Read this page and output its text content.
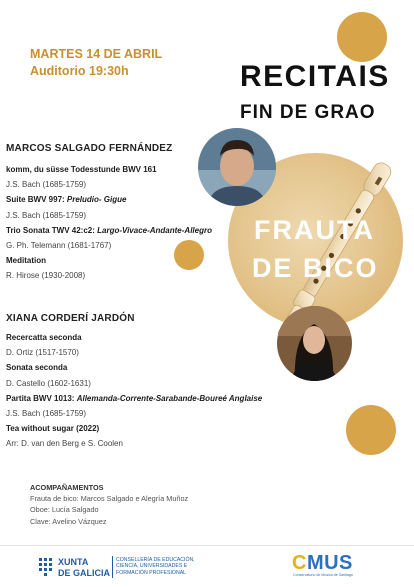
MARTES 14 DE ABRIL
Auditorio 19:30h	RECITAIS
FIN DE GRAO
FRAUTA
DE BICO
MARCOS SALGADO FERNÁNDEZ
komm, du süsse Todesstunde BWV 161
J.S. Bach (1685-1759)
Suite BWV 997: Preludio- Gigue
J.S. Bach (1685-1759)
Trio Sonata TWV 42:c2: Largo-Vivace-Andante-Allegro
G. Ph. Telemann (1681-1767)
Meditation
R. Hirose (1930-2008)
XIANA CORDERÍ JARDÓN
Recercatta seconda
D. Ortiz (1517-1570)
Sonata seconda
D. Castello (1602-1631)
Partita BWV 1013: Allemanda-Corrente-Sarabande-Boureé Anglaise
J.S. Bach (1685-1759)
Tea without sugar (2022)
Arr: D. van den Berg e S. Coolen
ACOMPAÑAMENTOS
Frauta de bico: Marcos Salgado e Alegría Muñoz
Oboe: Lucía Salgado
Clave: Avelino Vázquez
XUNTA
DE GALICIA
CONSELLERÍA DE EDUCACIÓN,
CIENCIA, UNIVERSIDADES E
FORMACIÓN PROFESIONAL	CMUS
Conservatorio de Música de Santiago
